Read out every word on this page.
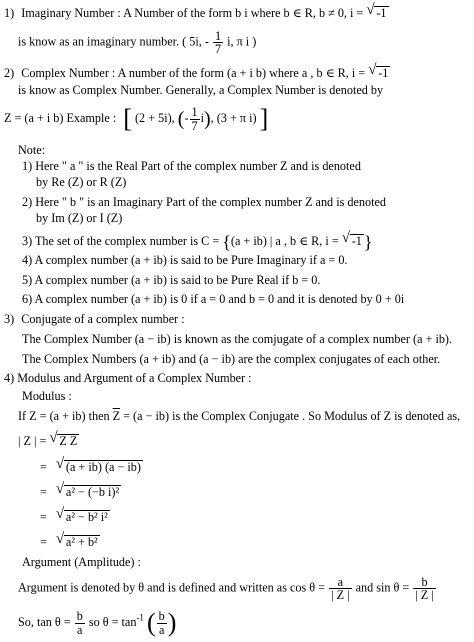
1) Imaginary Number : A Number of the form b i where b ∈ R, b ≠ 0, i = √ -1
is know as an imaginary number. ( 5i, - $\frac{1}{7} i$, π i )
2) Complex Number : A number of the form (a + i b) where a , b ∈ R, i = √ -1
is know as Complex Number. Generally, a Complex Number is denoted by
Z = (a + i b) Example : [ (2 + 5i), (- $\frac{1}{7} i$), (3 + π i) ]
Note:
1) Here " a " is the Real Part of the complex number Z and is denoted
by Re (Z) or R (Z)
2) Here " b " is an Imaginary Part of the complex number Z and is denoted
by Im (Z) or I (Z)
3) The set of the complex number is C = {(a + ib) | a , b ∈ R, i = √ -1 }
4) A complex number (a + ib) is said to be Pure Imaginary if a = 0.
5) A complex number (a + ib) is said to be Pure Real if b = 0.
6) A complex number (a + ib) is 0 if a = 0 and b = 0 and it is denoted by 0 + 0i
3) Conjugate of a complex number :
The Complex Number (a − ib) is known as the comjugate of a complex number (a + ib).
The Complex Numbers (a + ib) and (a − ib) are the complex conjugates of each other.
4) Modulus and Argument of a Complex Number :
Modulus :
If Z = (a + ib) then $\overline{Z} = (a - ib)$ is the Complex Conjugate . So Modulus of Z is denoted as,
| Z | = √ Z Z
= √ (a + ib) (a − ib)
= √ a² − (−b i)²
= √ a² − b² i²
= √ a² + b²
Argument (Amplitude) :
Argument is denoted by θ and is defined and written as $\cos \theta = \frac{a}{| Z |}$ and $\sin \theta = \frac{b}{| Z |}$
So, $\tan \theta = \frac{b}{a}$ so $\theta = \tan^{-1}$ ( $\frac{b}{a}$ )
